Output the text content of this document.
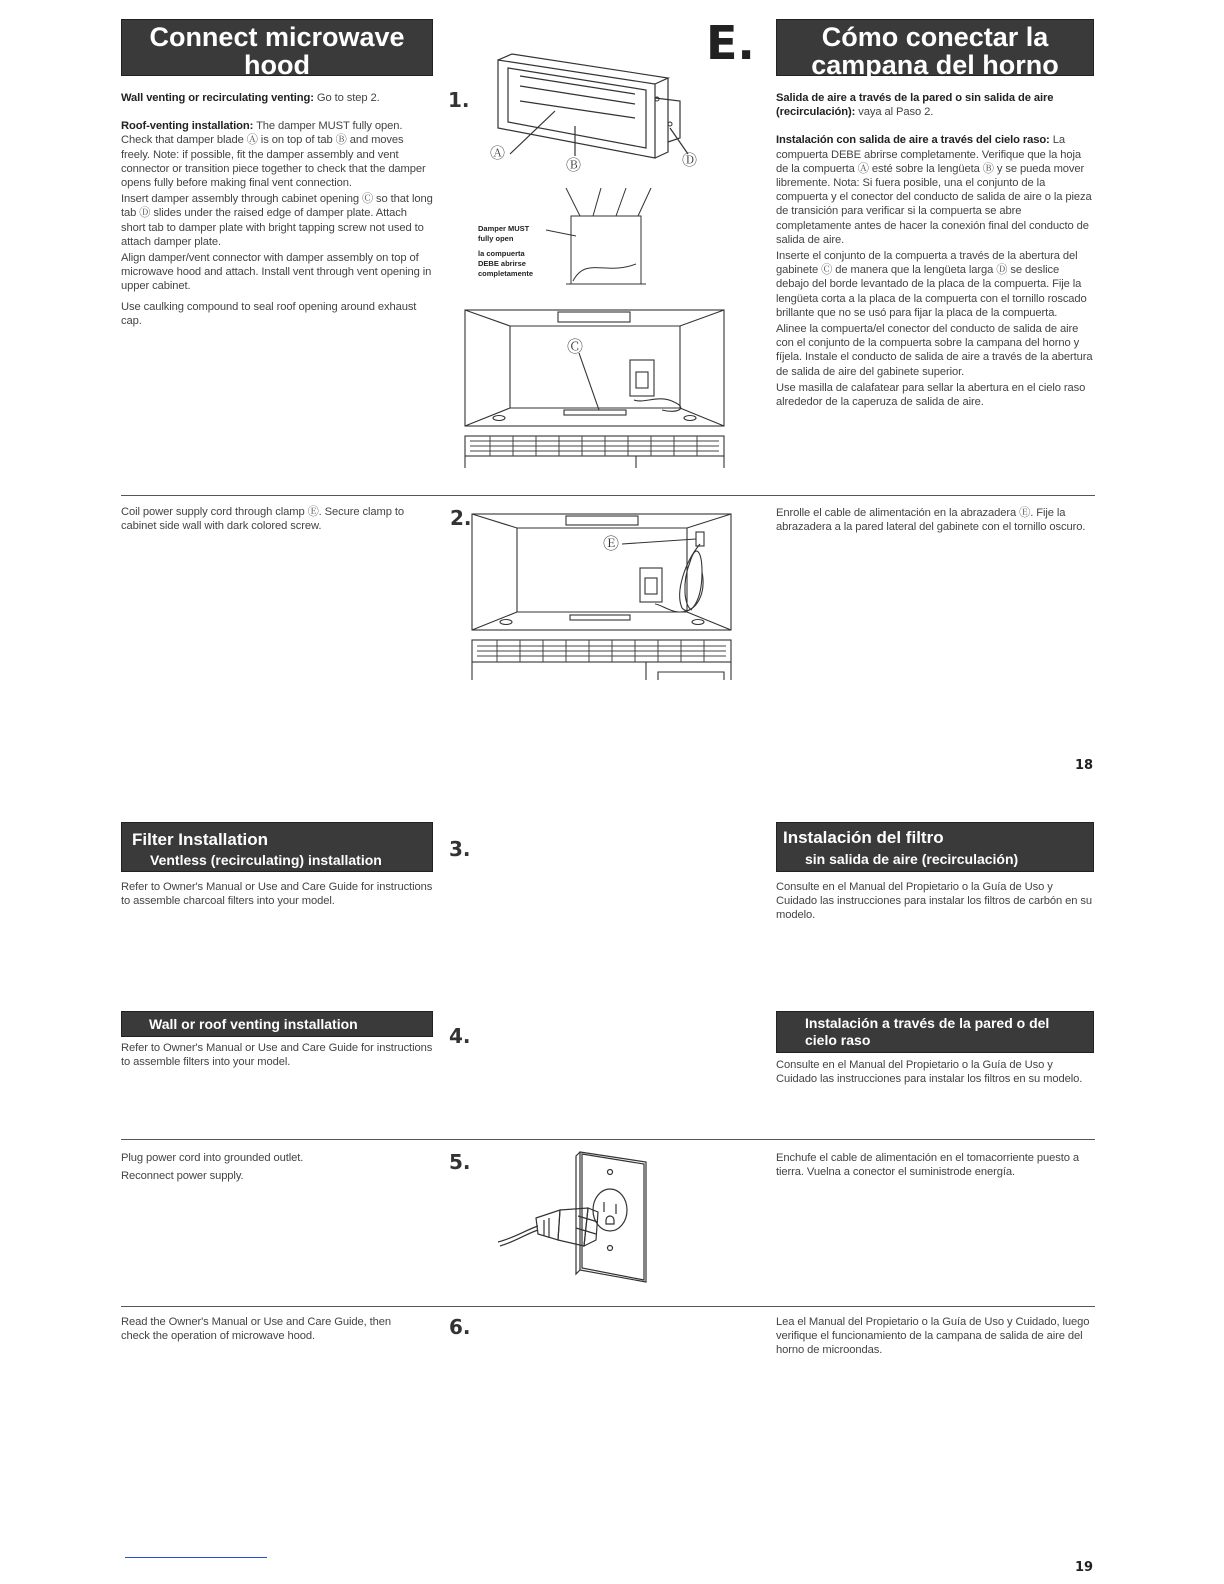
Connect microwave
hood	E.	Cómo conectar la
campana del horno

Wall venting or recirculating venting: Go to step 2.

Roof-venting installation: The damper MUST fully open. Check that damper blade Ⓐ is on top of tab Ⓑ and moves freely. Note: if possible, fit the damper assembly and vent connector or transition piece together to check that the damper opens fully before making final vent connection.

Insert damper assembly through cabinet opening Ⓒ so that long tab Ⓓ slides under the raised edge of damper plate. Attach short tab to damper plate with bright tapping screw not used to attach damper plate.

Align damper/vent connector with damper assembly on top of microwave hood and attach. Install vent through vent opening in upper cabinet.

Use caulking compound to seal roof opening around exhaust cap.

1.
Ⓐ
Ⓑ	Ⓓ
Damper MUST
fully open
la compuerta
DEBE abrirse
completamente
Ⓒ

Salida de aire a través de la pared o sin salida de aire (recirculación): vaya al Paso 2.

Instalación con salida de aire a través del cielo raso: La compuerta DEBE abrirse completamente. Verifique que la hoja de la compuerta Ⓐ esté sobre la lengüeta Ⓑ y se pueda mover libremente. Nota: Si fuera posible, una el conjunto de la compuerta y el conector del conducto de salida de aire o la pieza de transición para verificar si la compuerta se abre completamente antes de hacer la conexión final del conducto de salida de aire.

Inserte el conjunto de la compuerta a través de la abertura del gabinete Ⓒ de manera que la lengüeta larga Ⓓ se deslice debajo del borde levantado de la placa de la compuerta. Fije la lengüeta corta a la placa de la compuerta con el tornillo roscado brillante que no se usó para fijar la placa de la compuerta.

Alinee la compuerta/el conector del conducto de salida de aire con el conjunto de la compuerta sobre la campana del horno y fíjela. Instale el conducto de salida de aire a través de la abertura de salida de aire del gabinete superior.

Use masilla de calafatear para sellar la abertura en el cielo raso alrededor de la caperuza de salida de aire.

Coil power supply cord through clamp Ⓔ. Secure clamp to cabinet side wall with dark colored screw.	2.
Ⓔ
Enrolle el cable de alimentación en la abrazadera Ⓔ. Fije la abrazadera a la pared lateral del gabinete con el tornillo oscuro.
18
Filter Installation
Ventless (recirculating) installation	3.	Instalación del filtro
sin salida de aire (recirculación)
Refer to Owner's Manual or Use and Care Guide for instructions to assemble charcoal filters into your model.
Consulte en el Manual del Propietario o la Guía de Uso y Cuidado las instrucciones para instalar los filtros de carbón en su modelo.
Wall or roof venting installation	4.
Instalación a través de la pared o del
cielo raso
Refer to Owner's Manual or Use and Care Guide for instructions to assemble filters into your model.	Consulte en el Manual del Propietario o la Guía de Uso y Cuidado las instrucciones para instalar los filtros en su modelo.
Plug power cord into grounded outlet.
Reconnect power supply.
5.	Enchufe el cable de alimentación en el tomacorriente puesto a tierra. Vuelna a conector el suministrode energía.
Read the Owner's Manual or Use and Care Guide, then check the operation of microwave hood.	6.	Lea el Manual del Propietario o la Guía de Uso y Cuidado, luego verifique el funcionamiento de la campana de salida de aire del horno de microondas.
19
